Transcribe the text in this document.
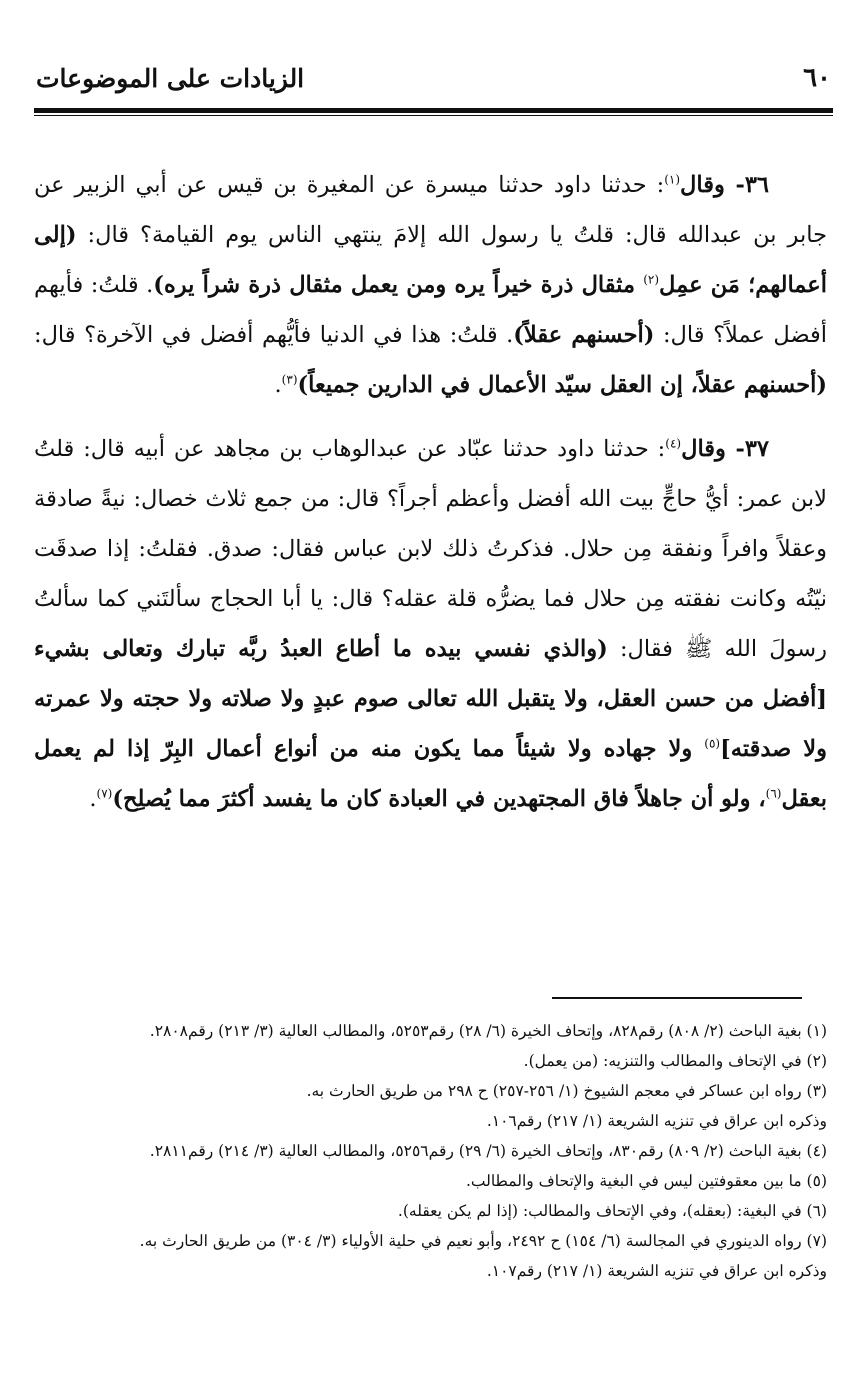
٦٠
الزيادات على الموضوعات

٣٦- وقال$^{(١)}$: حدثنا داود حدثنا ميسرة عن المغيرة بن قيس عن أبي الزبير عن جابر بن عبدالله قال: قلتُ يا رسول الله إلامَ ينتهي الناس يوم القيامة؟ قال: (إلى أعمالهم؛ مَن عمِل$^{(٢)}$ مثقال ذرة خيراً يره ومن يعمل مثقال ذرة شراً يره). قلتُ: فأيهم أفضل عملاً؟ قال: (أحسنهم عقلاً). قلتُ: هذا في الدنيا فأيُّهم أفضل في الآخرة؟ قال: (أحسنهم عقلاً، إن العقل سيّد الأعمال في الدارين جميعاً)$^{(٣)}$.

٣٧- وقال$^{(٤)}$: حدثنا داود حدثنا عبّاد عن عبدالوهاب بن مجاهد عن أبيه قال: قلتُ لابن عمر: أيُّ حاجٍّ بيت الله أفضل وأعظم أجراً؟ قال: من جمع ثلاث خصال: نيةً صادقة وعقلاً وافراً ونفقة مِن حلال. فذكرتُ ذلك لابن عباس فقال: صدق. فقلتُ: إذا صدقَت نيّتُه وكانت نفقته مِن حلال فما يضرُّه قلة عقله؟ قال: يا أبا الحجاج سألتَني كما سألتُ رسولَ الله ﷺ فقال: (والذي نفسي بيده ما أطاع العبدُ ربَّه تبارك وتعالى بشيء [أفضل من حسن العقل، ولا يتقبل الله تعالى صوم عبدٍ ولا صلاته ولا حجته ولا عمرته ولا صدقته]$^{(٥)}$ ولا جهاده ولا شيئاً مما يكون منه من أنواع أعمال البِرّ إذا لم يعمل بعقل$^{(٦)}$، ولو أن جاهلاً فاق المجتهدين في العبادة كان ما يفسد أكثرَ مما يُصلِح)$^{(٧)}$.

(١) بغية الباحث (٢/ ٨٠٨) رقم٨٢٨، وإتحاف الخيرة (٦/ ٢٨) رقم٥٢٥٣، والمطالب العالية (٣/ ٢١٣) رقم٢٨٠٨.
(٢) في الإتحاف والمطالب والتنزيه: (من يعمل).
(٣) رواه ابن عساكر في معجم الشيوخ (١/ ٢٥٦-٢٥٧) ح ٢٩٨ من طريق الحارث به.
وذكره ابن عراق في تنزيه الشريعة (١/ ٢١٧) رقم١٠٦.
(٤) بغية الباحث (٢/ ٨٠٩) رقم٨٣٠، وإتحاف الخيرة (٦/ ٢٩) رقم٥٢٥٦، والمطالب العالية (٣/ ٢١٤) رقم٢٨١١.
(٥) ما بين معقوفتين ليس في البغية والإتحاف والمطالب.
(٦) في البغية: (بعقله)، وفي الإتحاف والمطالب: (إذا لم يكن يعقله).
(٧) رواه الدينوري في المجالسة (٦/ ١٥٤) ح ٢٤٩٢، وأبو نعيم في حلية الأولياء (٣/ ٣٠٤) من طريق الحارث به.
وذكره ابن عراق في تنزيه الشريعة (١/ ٢١٧) رقم١٠٧.
